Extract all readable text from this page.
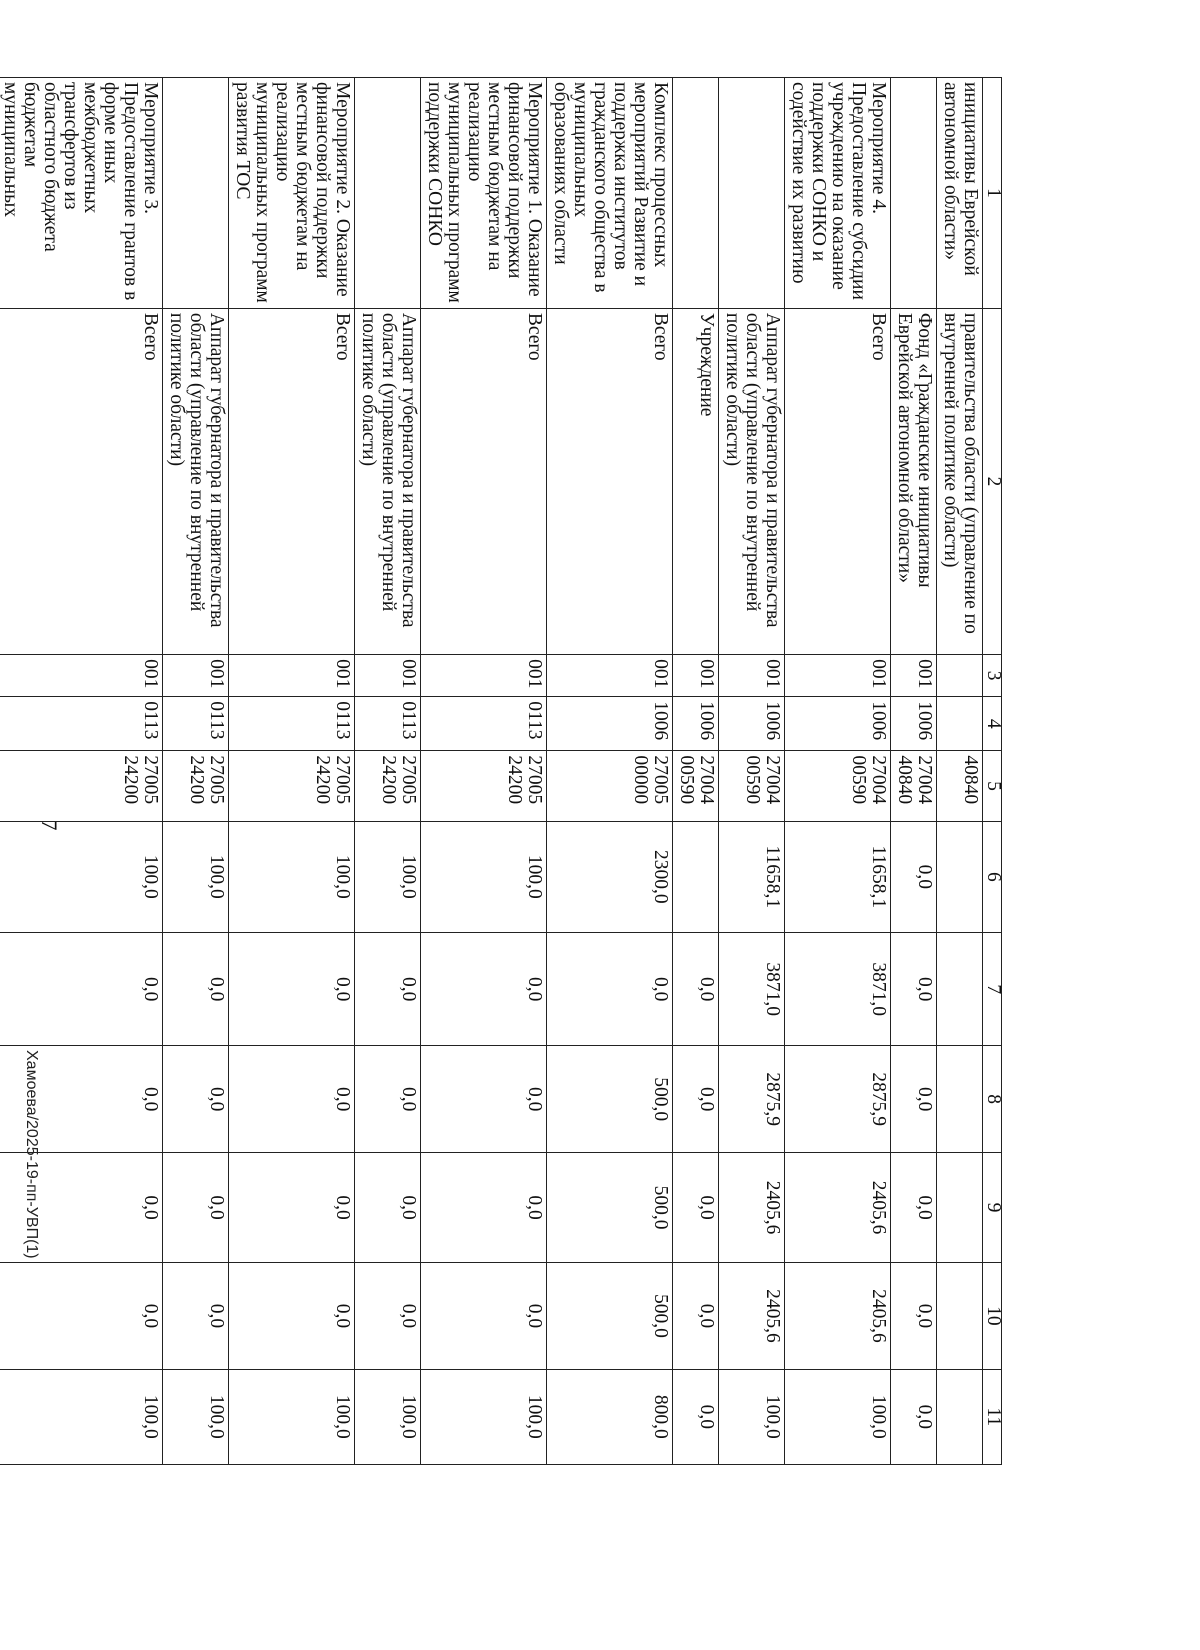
7
1	2	3	4	5	6	7	8	9	10	11
инициативы Еврейской автономной области»	правительства области (управление по внутренней политике области)			40840						
	Фонд «Гражданские инициативы Еврейской автономной области»	001	1006	27004 40840	0,0	0,0	0,0	0,0	0,0	0,0
Мероприятие 4. Предоставление субсидии учреждению на оказание поддержки СОНКО и содействие их развитию	Всего	001	1006	27004 00590	11658,1	3871,0	2875,9	2405,6	2405,6	100,0
	Аппарат губернатора и правительства области (управление по внутренней политике области)	001	1006	27004 00590	11658,1	3871,0	2875,9	2405,6	2405,6	100,0
	Учреждение	001	1006	27004 00590		0,0	0,0	0,0	0,0	0,0
Комплекс процессных мероприятий Развитие и поддержка институтов гражданского общества в муниципальных образованиях области	Всего	001	1006	27005 00000	2300,0	0,0	500,0	500,0	500,0	800,0
Мероприятие 1. Оказание финансовой поддержки местным бюджетам на реализацию муниципальных программ поддержки СОНКО	Всего	001	0113	27005 24200	100,0	0,0	0,0	0,0	0,0	100,0
	Аппарат губернатора и правительства области (управление по внутренней политике области)	001	0113	27005 24200	100,0	0,0	0,0	0,0	0,0	100,0
Мероприятие 2. Оказание финансовой поддержки местным бюджетам на реализацию муниципальных программ развития ТОС	Всего	001	0113	27005 24200	100,0	0,0	0,0	0,0	0,0	100,0
	Аппарат губернатора и правительства области (управление по внутренней политике области)	001	0113	27005 24200	100,0	0,0	0,0	0,0	0,0	100,0
Мероприятие 3. Предоставление грантов в форме иных межбюджетных трансфертов из областного бюджета бюджетам муниципальных	Всего	001	0113	27005 24200	100,0	0,0	0,0	0,0	0,0	100,0

Хамоева/2025-19-пп-УВП(1)
